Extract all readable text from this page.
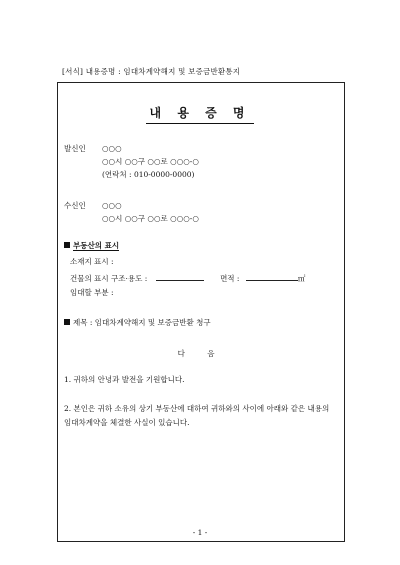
[서식] 내용증명 : 임대차계약해지 및 보증금반환통지
내 용 증 명
발신인 ○○○
○○시 ○○구 ○○로 ○○○-○
(연락처 : 010-0000-0000)
수신인 ○○○
○○시 ○○구 ○○로 ○○○-○
부동산의 표시
소재지 표시 :
건물의 표시 구조·용도 :	면적 :	㎡
임대할 부분 :
제목 : 임대차계약해지 및 보증금반환 청구
다 음
1. 귀하의 안녕과 발전을 기원합니다.
2. 본인은 귀하 소유의 상기 부동산에 대하여 귀하와의 사이에 아래와 같은 내용의
임대차계약을 체결한 사실이 있습니다.
- 1 -
